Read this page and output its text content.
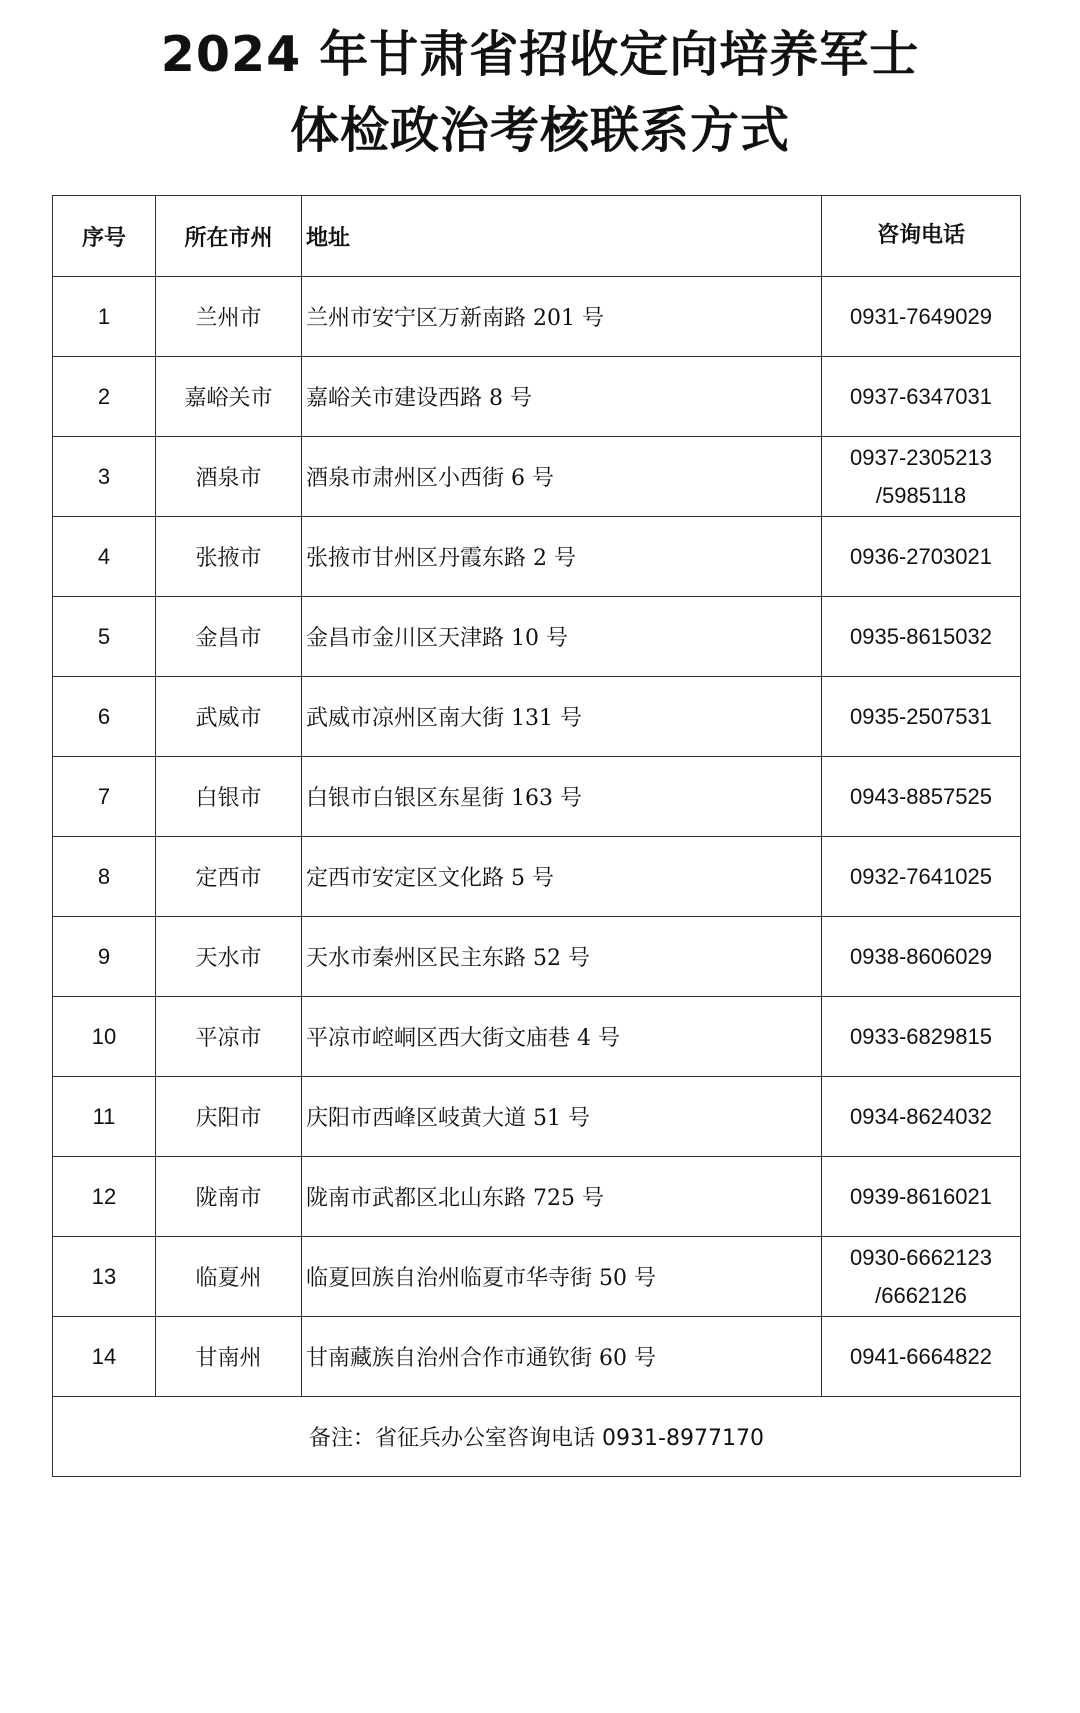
2024 年甘肃省招收定向培养军士
体检政治考核联系方式
序号	所在市州	地址	咨询电话
1	兰州市	兰州市安宁区万新南路 201 号	0931-7649029

2	嘉峪关市	嘉峪关市建设西路 8 号	0937-6347031

3	酒泉市	酒泉市肃州区小西街 6 号	0937-2305213
/5985118

4	张掖市	张掖市甘州区丹霞东路 2 号	0936-2703021

5	金昌市	金昌市金川区天津路 10 号	0935-8615032

6	武威市	武威市凉州区南大街 131 号	0935-2507531

7	白银市	白银市白银区东星街 163 号	0943-8857525

8	定西市	定西市安定区文化路 5 号	0932-7641025

9	天水市	天水市秦州区民主东路 52 号	0938-8606029

10	平凉市	平凉市崆峒区西大街文庙巷 4 号	0933-6829815

11	庆阳市	庆阳市西峰区岐黄大道 51 号	0934-8624032

12	陇南市	陇南市武都区北山东路 725 号	0939-8616021

13	临夏州	临夏回族自治州临夏市华寺街 50 号	0930-6662123
/6662126

14	甘南州	甘南藏族自治州合作市通钦街 60 号	0941-6664822

备注：省征兵办公室咨询电话 0931-8977170			
